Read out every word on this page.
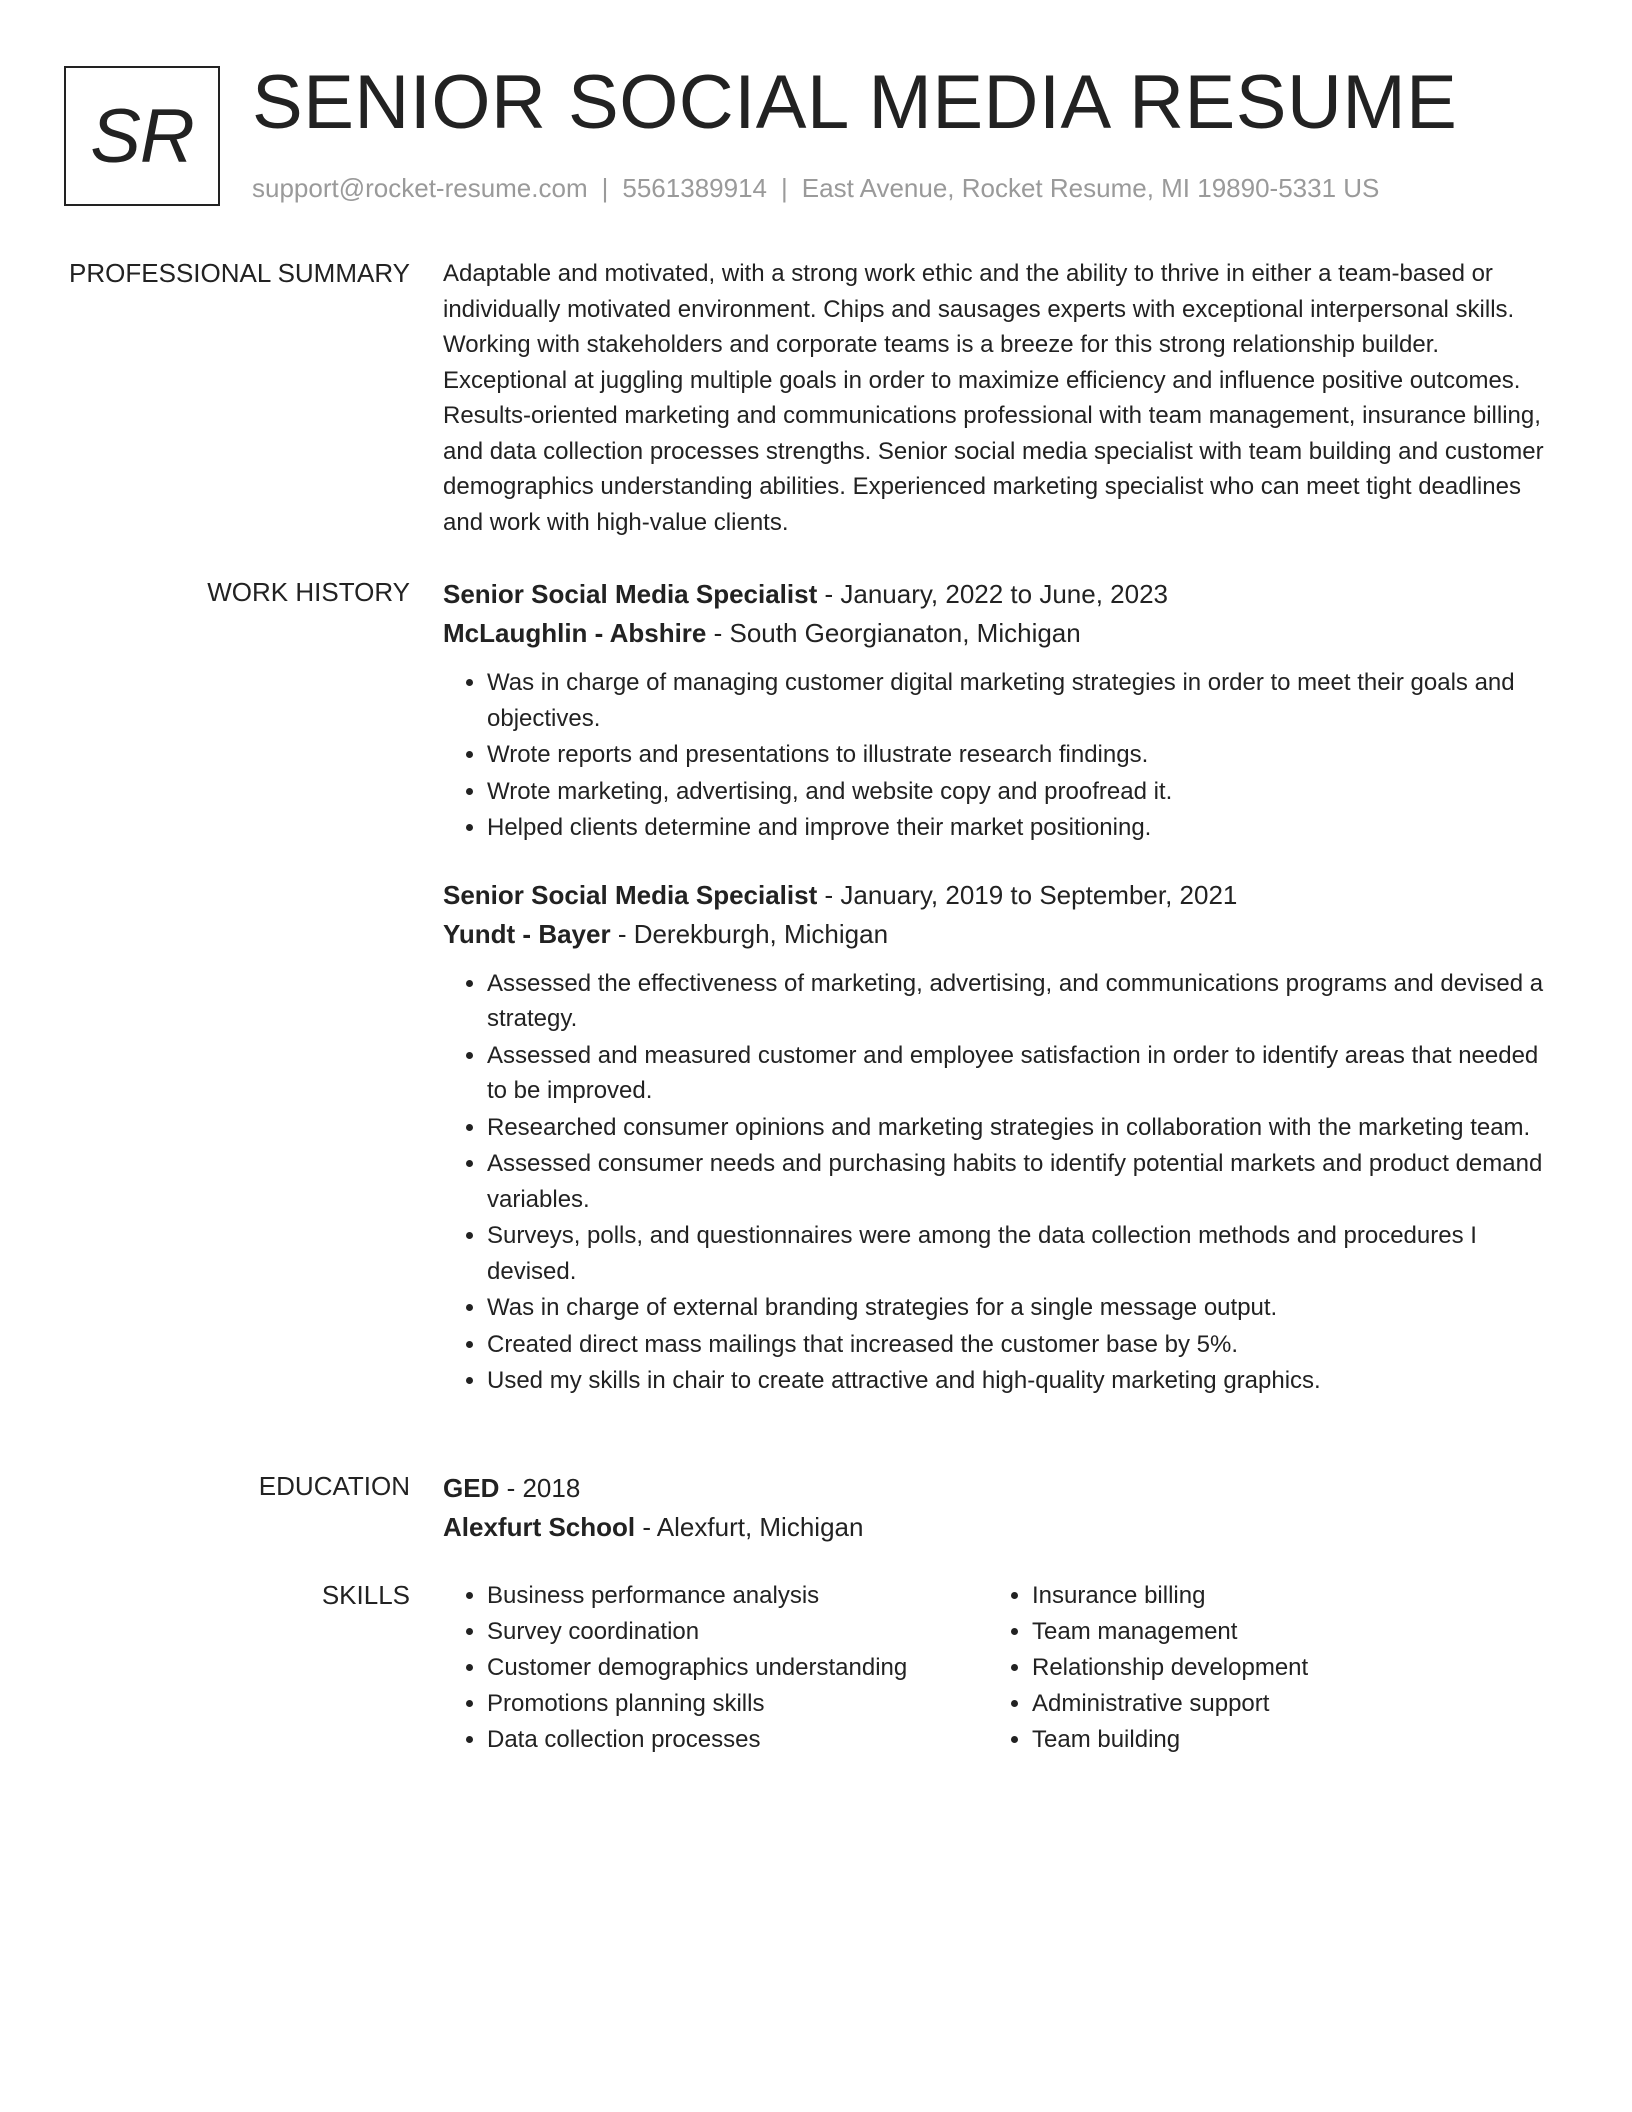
SR SENIOR SOCIAL MEDIA RESUME
support@rocket-resume.com | 5561389914 | East Avenue, Rocket Resume, MI 19890-5331 US
PROFESSIONAL SUMMARY Adaptable and motivated, with a strong work ethic and the ability to thrive in either a team-based or individually motivated environment. Chips and sausages experts with exceptional interpersonal skills. Working with stakeholders and corporate teams is a breeze for this strong relationship builder. Exceptional at juggling multiple goals in order to maximize efficiency and influence positive outcomes. Results-oriented marketing and communications professional with team management, insurance billing, and data collection processes strengths. Senior social media specialist with team building and customer demographics understanding abilities. Experienced marketing specialist who can meet tight deadlines and work with high-value clients.

WORK HISTORY Senior Social Media Specialist - January, 2022 to June, 2023
McLaughlin - Abshire - South Georgianaton, Michigan
• Was in charge of managing customer digital marketing strategies in order to meet their goals and objectives.
• Wrote reports and presentations to illustrate research findings.
• Wrote marketing, advertising, and website copy and proofread it.
• Helped clients determine and improve their market positioning.
Senior Social Media Specialist - January, 2019 to September, 2021
Yundt - Bayer - Derekburgh, Michigan
• Assessed the effectiveness of marketing, advertising, and communications programs and devised a strategy.
• Assessed and measured customer and employee satisfaction in order to identify areas that needed to be improved.
• Researched consumer opinions and marketing strategies in collaboration with the marketing team.
• Assessed consumer needs and purchasing habits to identify potential markets and product demand variables.
• Surveys, polls, and questionnaires were among the data collection methods and procedures I devised.
• Was in charge of external branding strategies for a single message output.
• Created direct mass mailings that increased the customer base by 5%.
• Used my skills in chair to create attractive and high-quality marketing graphics.
EDUCATION GED - 2018
Alexfurt School - Alexfurt, Michigan
SKILLS
•	Business performance analysis
• Survey coordination
• Customer demographics understanding
• Promotions planning skills
• Data collection processes
• Insurance billing
• Team management
• Relationship development
• Administrative support
• Team building
